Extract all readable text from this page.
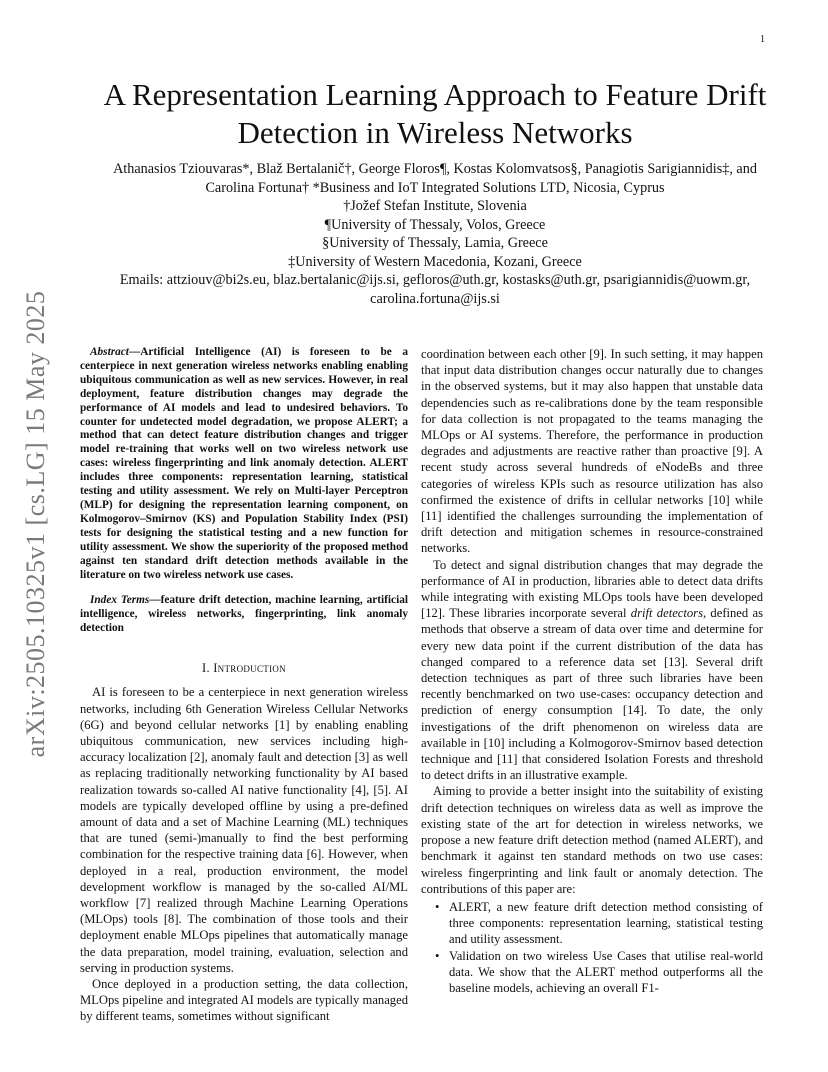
1
arXiv:2505.10325v1 [cs.LG] 15 May 2025
A Representation Learning Approach to Feature Drift Detection in Wireless Networks
Athanasios Tziouvaras*, Blaž Bertalanič†, George Floros¶, Kostas Kolomvatsos§, Panagiotis Sarigiannidis‡, and
Carolina Fortuna† *Business and IoT Integrated Solutions LTD, Nicosia, Cyprus
†Jožef Stefan Institute, Slovenia
¶University of Thessaly, Volos, Greece
§University of Thessaly, Lamia, Greece
‡University of Western Macedonia, Kozani, Greece
Emails: attziouv@bi2s.eu, blaz.bertalanic@ijs.si, gefloros@uth.gr, kostasks@uth.gr, psarigiannidis@uowm.gr,
carolina.fortuna@ijs.si

Abstract—Artificial Intelligence (AI) is foreseen to be a centerpiece in next generation wireless networks enabling enabling ubiquitous communication as well as new services. However, in real deployment, feature distribution changes may degrade the performance of AI models and lead to undesired behaviors. To counter for undetected model degradation, we propose ALERT; a method that can detect feature distribution changes and trigger model re-training that works well on two wireless network use cases: wireless fingerprinting and link anomaly detection. ALERT includes three components: representation learning, statistical testing and utility assessment. We rely on Multi-layer Perceptron (MLP) for designing the representation learning component, on Kolmogorov–Smirnov (KS) and Population Stability Index (PSI) tests for designing the statistical testing and a new function for utility assessment. We show the superiority of the proposed method against ten standard drift detection methods available in the literature on two wireless network use cases.

Index Terms—feature drift detection, machine learning, artificial intelligence, wireless networks, fingerprinting, link anomaly detection

I. Introduction

AI is foreseen to be a centerpiece in next generation wireless networks, including 6th Generation Wireless Cellular Networks (6G) and beyond cellular networks [1] by enabling enabling ubiquitous communication, new services including high-accuracy localization [2], anomaly fault and detection [3] as well as replacing traditionally networking functionality by AI based realization towards so-called AI native functionality [4], [5]. AI models are typically developed offline by using a pre-defined amount of data and a set of Machine Learning (ML) techniques that are tuned (semi-)manually to find the best performing combination for the respective training data [6]. However, when deployed in a real, production environment, the model development workflow is managed by the so-called AI/ML workflow [7] realized through Machine Learning Operations (MLOps) tools [8]. The combination of those tools and their deployment enable MLOps pipelines that automatically manage the data preparation, model training, evaluation, selection and serving in production systems.

Once deployed in a production setting, the data collection, MLOps pipeline and integrated AI models are typically managed by different teams, sometimes without significant

coordination between each other [9]. In such setting, it may happen that input data distribution changes occur naturally due to changes in the observed systems, but it may also happen that unstable data dependencies such as re-calibrations done by the team responsible for data collection is not propagated to the teams managing the MLOps or AI systems. Therefore, the performance in production degrades and adjustments are reactive rather than proactive [9]. A recent study across several hundreds of eNodeBs and three categories of wireless KPIs such as resource utilization has also confirmed the existence of drifts in cellular networks [10] while [11] identified the challenges surrounding the implementation of drift detection and mitigation schemes in resource-constrained networks.

To detect and signal distribution changes that may degrade the performance of AI in production, libraries able to detect data drifts while integrating with existing MLOps tools have been developed [12]. These libraries incorporate several drift detectors, defined as methods that observe a stream of data over time and determine for every new data point if the current distribution of the data has changed compared to a reference data set [13]. Several drift detection techniques as part of three such libraries have been recently benchmarked on two use-cases: occupancy detection and prediction of energy consumption [14]. To date, the only investigations of the drift phenomenon on wireless data are available in [10] including a Kolmogorov-Smirnov based detection technique and [11] that considered Isolation Forests and threshold to detect drifts in an illustrative example.

Aiming to provide a better insight into the suitability of existing drift detection techniques on wireless data as well as improve the existing state of the art for detection in wireless networks, we propose a new feature drift detection method (named ALERT), and benchmark it against ten standard methods on two use cases: wireless fingerprinting and link fault or anomaly detection. The contributions of this paper are:

• ALERT, a new feature drift detection method consisting of three components: representation learning, statistical testing and utility assessment.
• Validation on two wireless Use Cases that utilise real-world data. We show that the ALERT method outperforms all the baseline models, achieving an overall F1-
